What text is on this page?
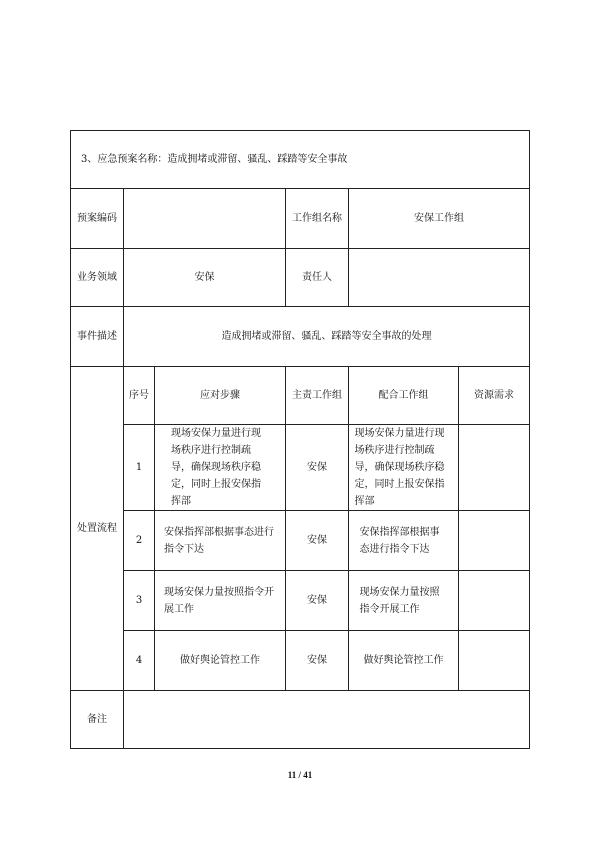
3、应急预案名称：造成拥堵或滞留、骚乱、踩踏等安全事故					
预案编码			工作组名称	安保工作组	
业务领域	安保		责任人		
事件描述	造成拥堵或滞留、骚乱、踩踏等安全事故的处理				
处置流程	序号	应对步骤	主责工作组	配合工作组	资源需求
	1	现场安保力量进行现场秩序进行控制疏导，确保现场秩序稳定，同时上报安保指挥部	安保	现场安保力量进行现场秩序进行控制疏导，确保现场秩序稳定，同时上报安保指挥部	
	2	安保指挥部根据事态进行指令下达	安保	安保指挥部根据事态进行指令下达	
	3	现场安保力量按照指令开展工作	安保	现场安保力量按照指令开展工作	
	4	做好舆论管控工作	安保	做好舆论管控工作	
备注					
11 / 41
